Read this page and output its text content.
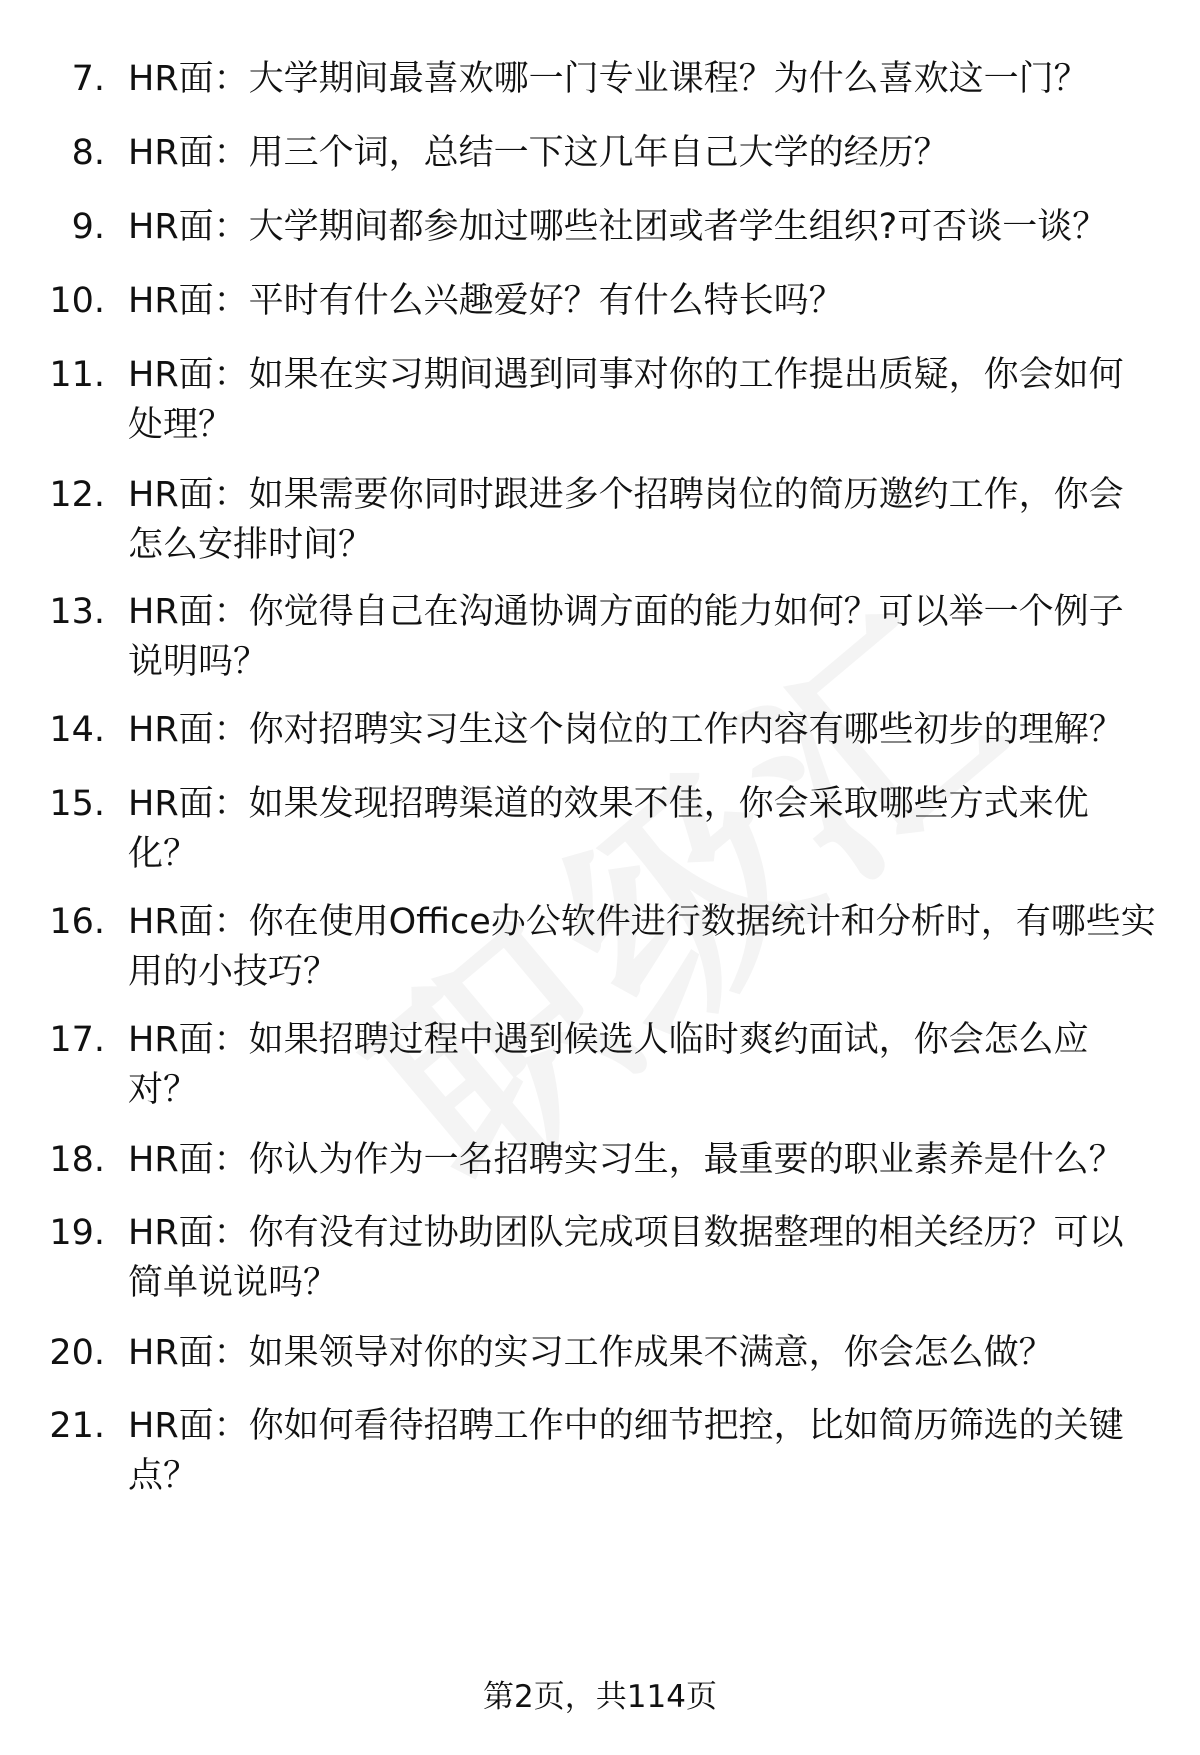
7. HR面：大学期间最喜欢哪一门专业课程？为什么喜欢这一门？

8. HR面：用三个词，总结一下这几年自己大学的经历？

9. HR面：大学期间都参加过哪些社团或者学生组织?可否谈一谈？

10. HR面：平时有什么兴趣爱好？有什么特长吗？

11. HR面：如果在实习期间遇到同事对你的工作提出质疑，你会如何处理？

12. HR面：如果需要你同时跟进多个招聘岗位的简历邀约工作，你会怎么安排时间？

13. HR面：你觉得自己在沟通协调方面的能力如何？可以举一个例子说明吗？

14. HR面：你对招聘实习生这个岗位的工作内容有哪些初步的理解？

15. HR面：如果发现招聘渠道的效果不佳，你会采取哪些方式来优化？

16. HR面：你在使用Office办公软件进行数据统计和分析时，有哪些实用的小技巧？

17. HR面：如果招聘过程中遇到候选人临时爽约面试，你会怎么应对？

18. HR面：你认为作为一名招聘实习生，最重要的职业素养是什么？

19. HR面：你有没有过协助团队完成项目数据整理的相关经历？可以简单说说吗？

20. HR面：如果领导对你的实习工作成果不满意，你会怎么做？

21. HR面：你如何看待招聘工作中的细节把控，比如简历筛选的关键点？

第2页，共114页
